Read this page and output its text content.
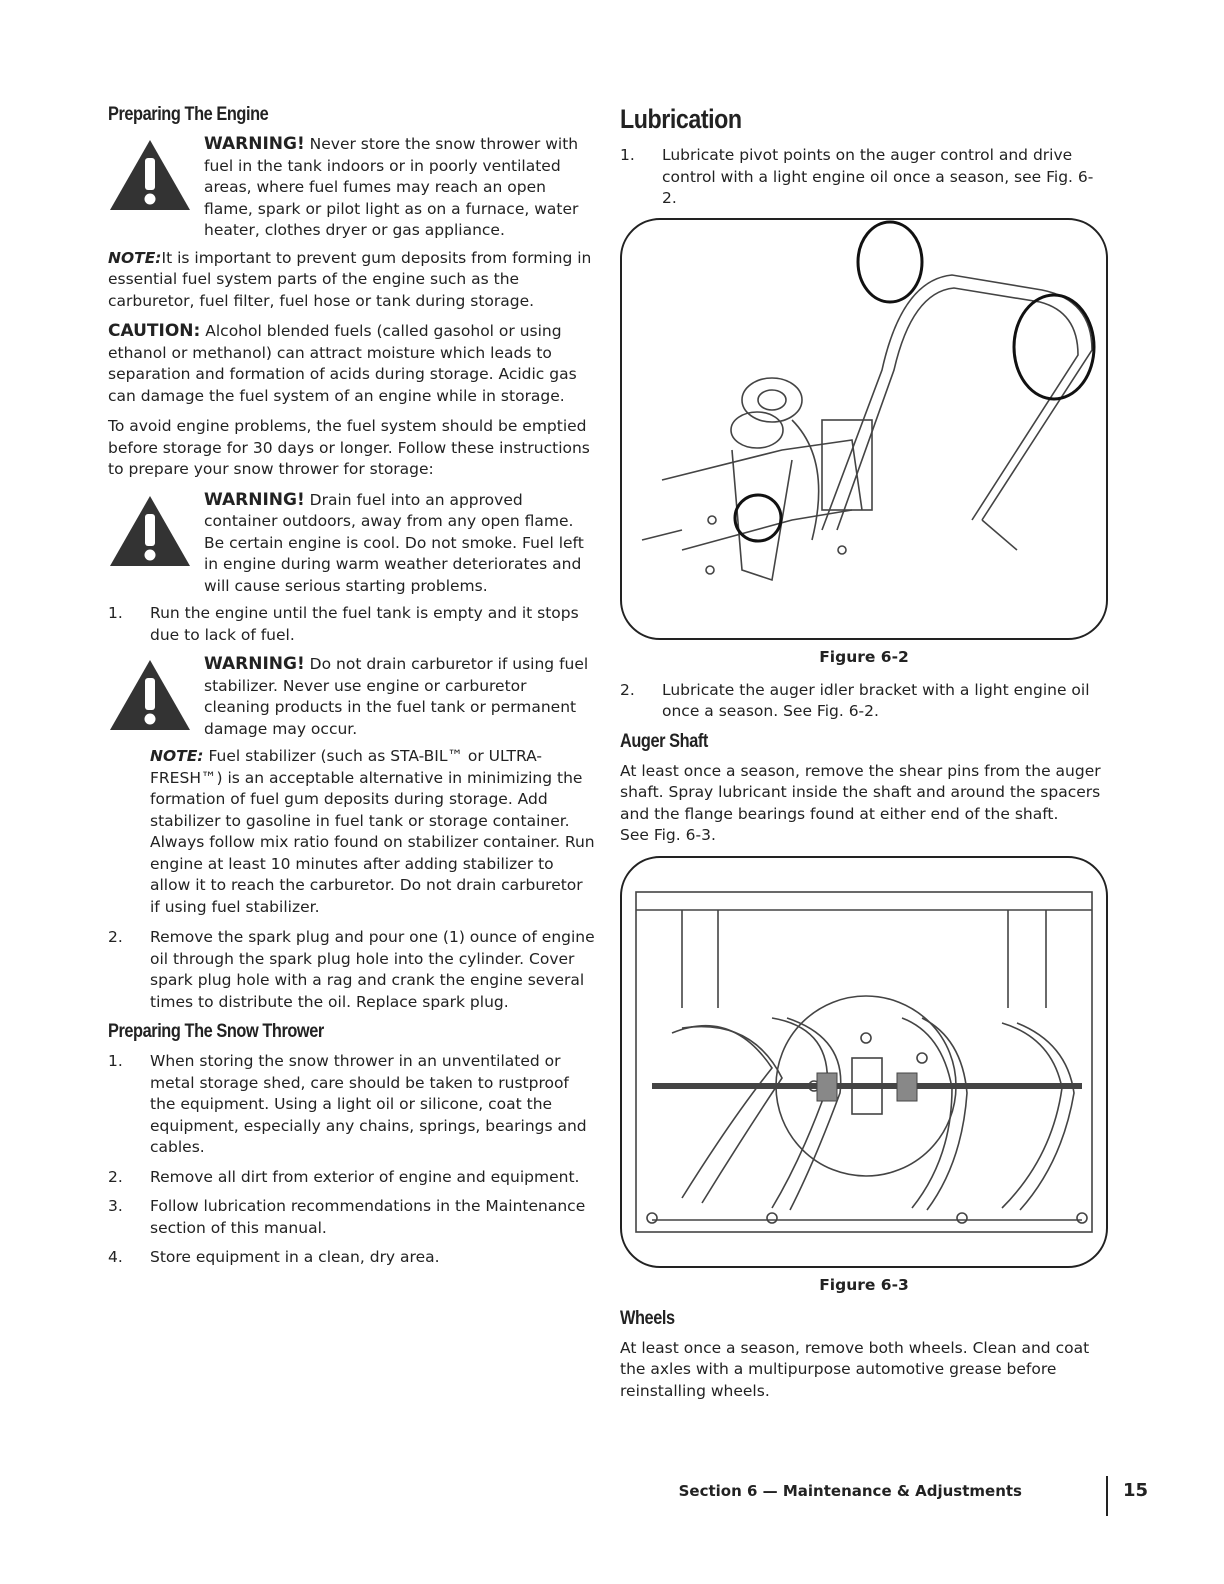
Preparing The Engine
WARNING! Never store the snow thrower with fuel in the tank indoors or in poorly ventilated areas, where fuel fumes may reach an open flame, spark or pilot light as on a furnace, water heater, clothes dryer or gas appliance.

NOTE:It is important to prevent gum deposits from forming in essential fuel system parts of the engine such as the carburetor, fuel filter, fuel hose or tank during storage.

CAUTION: Alcohol blended fuels (called gasohol or using ethanol or methanol) can attract moisture which leads to separation and formation of acids during storage. Acidic gas can damage the fuel system of an engine while in storage.

To avoid engine problems, the fuel system should be emptied before storage for 30 days or longer. Follow these instructions to prepare your snow thrower for storage:

WARNING! Drain fuel into an approved container outdoors, away from any open flame. Be certain engine is cool. Do not smoke. Fuel left in engine during warm weather deteriorates and will cause serious starting problems.
1.	Run the engine until the fuel tank is empty and it stops due to lack of fuel.
WARNING! Do not drain carburetor if using fuel stabilizer. Never use engine or carburetor cleaning products in the fuel tank or permanent damage may occur.

NOTE: Fuel stabilizer (such as STA-BIL™ or ULTRA-FRESH™) is an acceptable alternative in minimizing the formation of fuel gum deposits during storage. Add stabilizer to gasoline in fuel tank or storage container. Always follow mix ratio found on stabilizer container. Run engine at least 10 minutes after adding stabilizer to allow it to reach the carburetor. Do not drain carburetor if using fuel stabilizer.

2.	Remove the spark plug and pour one (1) ounce of engine oil through the spark plug hole into the cylinder. Cover spark plug hole with a rag and crank the engine several times to distribute the oil. Replace spark plug.
Preparing The Snow Thrower
1.	When storing the snow thrower in an unventilated or metal storage shed, care should be taken to rustproof the equipment. Using a light oil or silicone, coat the equipment, especially any chains, springs, bearings and cables.
2.	Remove all dirt from exterior of engine and equipment.
3.	Follow lubrication recommendations in the Maintenance section of this manual.
4.	Store equipment in a clean, dry area.
Lubrication
1.	Lubricate pivot points on the auger control and drive control with a light engine oil once a season, see Fig. 6-2.
Figure 6-2
2.	Lubricate the auger idler bracket with a light engine oil once a season. See Fig. 6-2.
Auger Shaft

At least once a season, remove the shear pins from the auger shaft. Spray lubricant inside the shaft and around the spacers and the flange bearings found at either end of the shaft.

See Fig. 6-3.

Figure 6-3
Wheels

At least once a season, remove both wheels. Clean and coat the axles with a multipurpose automotive grease before reinstalling wheels.

Section 6 — Maintenance & Adjustments	15
